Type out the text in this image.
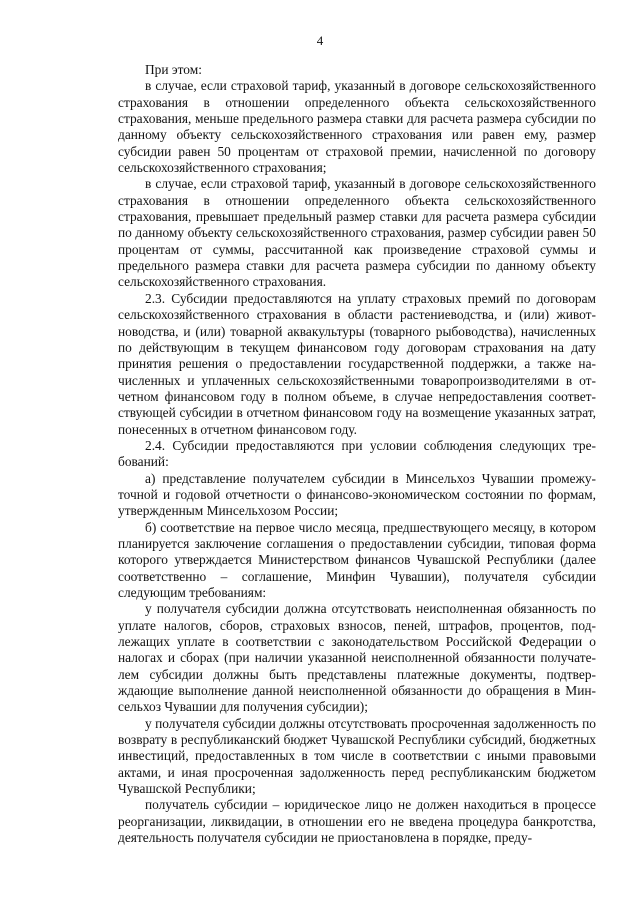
4

При этом:

в случае, если страховой тариф, указанный в договоре сельскохозяйственного страхования в отношении определенного объекта сельскохозяйственного страхования, меньше предельного размера ставки для расчета размера субсидии по данному объекту сельскохозяйственного страхования или равен ему, размер субсидии равен 50 процентам от страховой премии, начисленной по договору сельскохозяйственного страхования;

в случае, если страховой тариф, указанный в договоре сельскохозяйственного страхования в отношении определенного объекта сельскохозяйственного страхования, превышает предельный размер ставки для расчета размера субсидии по данному объекту сельскохозяйственного страхования, размер субсидии равен 50 процентам от суммы, рассчитанной как произведение страховой суммы и предельного размера ставки для расчета размера субсидии по данному объекту сельскохозяйственного страхования.

2.3. Субсидии предоставляются на уплату страховых премий по договорам сельскохозяйственного страхования в области растениеводства, и (или) животноводства, и (или) товарной аквакультуры (товарного рыбоводства), начисленных по действующим в текущем финансовом году договорам страхования на дату принятия решения о предоставлении государственной поддержки, а также начисленных и уплаченных сельскохозяйственными товаропроизводителями в отчетном финансовом году в полном объеме, в случае непредоставления соответствующей субсидии в отчетном финансовом году на возмещение указанных затрат, понесенных в отчетном финансовом году.

2.4. Субсидии предоставляются при условии соблюдения следующих требований:

а) представление получателем субсидии в Минсельхоз Чувашии промежуточной и годовой отчетности о финансово-экономическом состоянии по формам, утвержденным Минсельхозом России;

б) соответствие на первое число месяца, предшествующего месяцу, в котором планируется заключение соглашения о предоставлении субсидии, типовая форма которого утверждается Министерством финансов Чувашской Республики (далее соответственно – соглашение, Минфин Чувашии), получателя субсидии следующим требованиям:

у получателя субсидии должна отсутствовать неисполненная обязанность по уплате налогов, сборов, страховых взносов, пеней, штрафов, процентов, подлежащих уплате в соответствии с законодательством Российской Федерации о налогах и сборах (при наличии указанной неисполненной обязанности получателем субсидии должны быть представлены платежные документы, подтверждающие выполнение данной неисполненной обязанности до обращения в Минсельхоз Чувашии для получения субсидии);

у получателя субсидии должны отсутствовать просроченная задолженность по возврату в республиканский бюджет Чувашской Республики субсидий, бюджетных инвестиций, предоставленных в том числе в соответствии с иными правовыми актами, и иная просроченная задолженность перед республиканским бюджетом Чувашской Республики;

получатель субсидии – юридическое лицо не должен находиться в процессе реорганизации, ликвидации, в отношении его не введена процедура банкротства, деятельность получателя субсидии не приостановлена в порядке, преду-
